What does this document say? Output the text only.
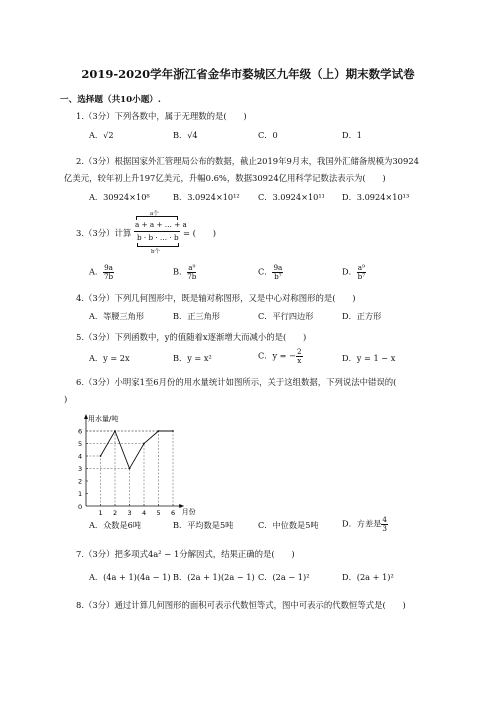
2019-2020学年浙江省金华市婺城区九年级（上）期末数学试卷
一、选择题（共10小题）.
1.（3分）下列各数中，属于无理数的是(　　)
A．√2	B．√4	C．0	D．1
2.（3分）根据国家外汇管理局公布的数据，截止2019年9月末，我国外汇储备规模为30924
亿美元，较年初上升197亿美元，升幅0.6%，数据30924亿用科学记数法表示为(　　)
A．30924×10⁸	B．3.0924×10¹² C．3.0924×10¹¹ D．3.0924×10¹³
3.（3分）计算
a个
a + a + … + a
b · b · … · b
b个
= (　　)
A． $\frac{9a}{7b}$	B． $\frac{\text{a⁹}}{7b}$	C． $\frac{9a}{\text{b⁷}}$	D． $\frac{\text{a⁹}}{\text{b⁷}}$
4.（3分）下列几何图形中，既是轴对称图形，又是中心对称图形的是(　　)
A．等腰三角形	B．正三角形	C．平行四边形	D．正方形
5.（3分）下列函数中，y的值随着x逐渐增大而减小的是(　　)
A．y = 2x	B．y = x²	C．y = − $\frac{2}{x}$	D．y = 1 − x
6.（3分）小明家1至6月份的用水量统计如图所示，关于这组数据，下列说法中错误的(
)
用水量/吨
月份
0
1
2
3
4
5
6
1 2 3 4 5 6
A．众数是6吨	B．平均数是5吨	C．中位数是5吨	D．方差是 $\frac{4}{3}$
7.（3分）把多项式4a² − 1分解因式，结果正确的是(　　)
A．(4a + 1)(4a − 1) B．(2a + 1)(2a − 1) C．(2a − 1)²	D．(2a + 1)²
8.（3分）通过计算几何图形的面积可表示代数恒等式，图中可表示的代数恒等式是(　　)
